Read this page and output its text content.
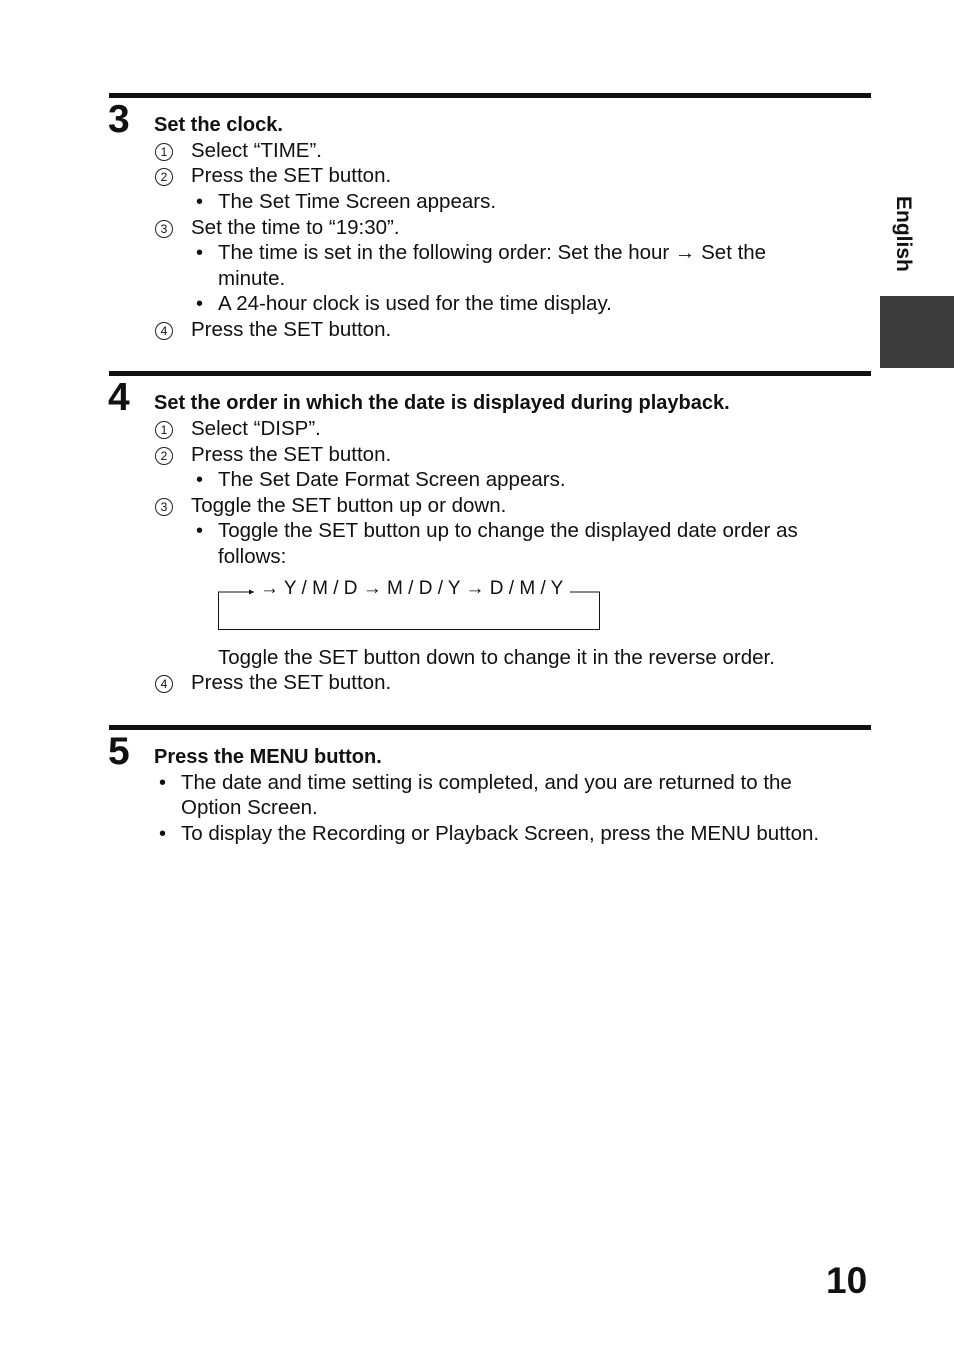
English
3 Set the clock.
1 Select “TIME”.
2 Press the SET button.
• The Set Time Screen appears.
3 Set the time to “19:30”.
• The time is set in the following order: Set the hour → Set the
minute.
• A 24-hour clock is used for the time display.
4 Press the SET button.
4 Set the order in which the date is displayed during playback.
1 Select “DISP”.
2 Press the SET button.
• The Set Date Format Screen appears.
3 Toggle the SET button up or down.
• Toggle the SET button up to change the displayed date order as
follows:
→ Y / M / D → M / D / Y → D / M / Y
Toggle the SET button down to change it in the reverse order.
4 Press the SET button.
5 Press the MENU button.
• The date and time setting is completed, and you are returned to the
Option Screen.
• To display the Recording or Playback Screen, press the MENU button.
10
